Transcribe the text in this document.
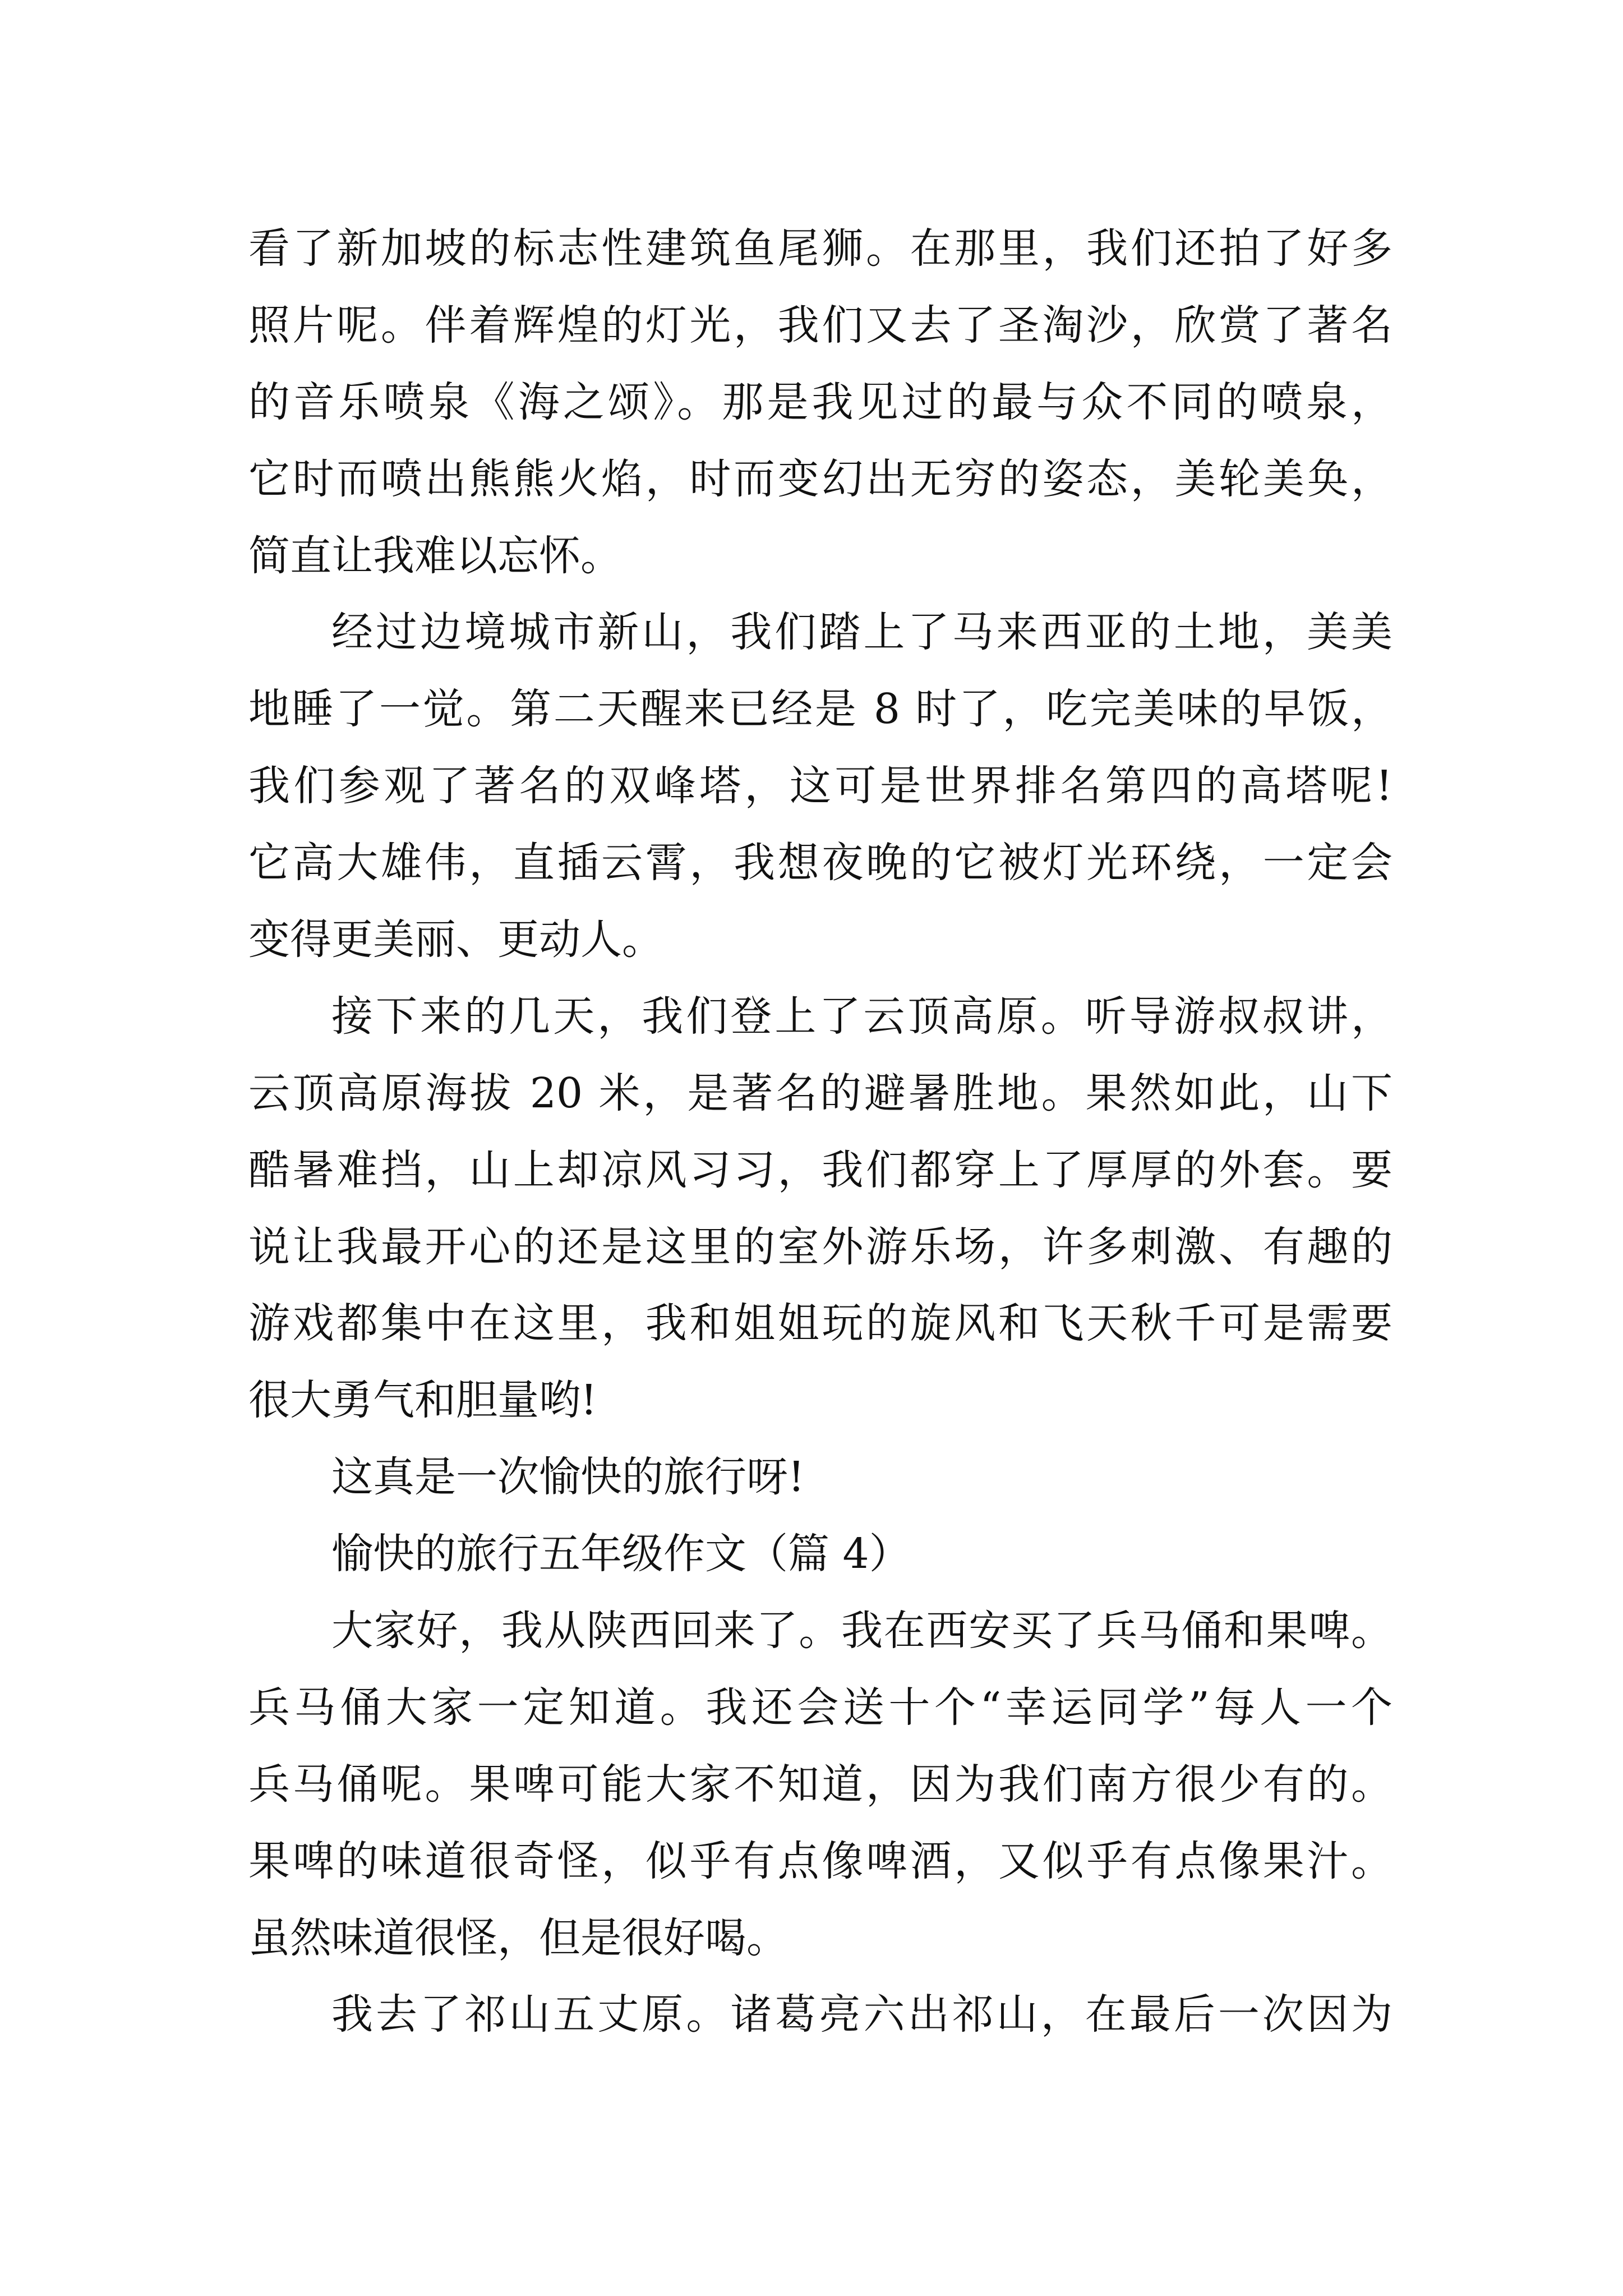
看了新加坡的标志性建筑鱼尾狮。在那里，我们还拍了好多
照片呢。伴着辉煌的灯光，我们又去了圣淘沙，欣赏了著名
的音乐喷泉《海之颂》。那是我见过的最与众不同的喷泉，
它时而喷出熊熊火焰，时而变幻出无穷的姿态，美轮美奂，
简直让我难以忘怀。
经过边境城市新山，我们踏上了马来西亚的土地，美美
地睡了一觉。第二天醒来已经是 8 时了，吃完美味的早饭，
我们参观了著名的双峰塔，这可是世界排名第四的高塔呢!
它高大雄伟，直插云霄，我想夜晚的它被灯光环绕，一定会
变得更美丽、更动人。
接下来的几天，我们登上了云顶高原。听导游叔叔讲，
云顶高原海拔 20 米，是著名的避暑胜地。果然如此，山下
酷暑难挡，山上却凉风习习，我们都穿上了厚厚的外套。要
说让我最开心的还是这里的室外游乐场，许多刺激、有趣的
游戏都集中在这里，我和姐姐玩的旋风和飞天秋千可是需要
很大勇气和胆量哟!
这真是一次愉快的旅行呀!
愉快的旅行五年级作文（篇 4）
大家好，我从陕西回来了。我在西安买了兵马俑和果啤。
兵马俑大家一定知道。我还会送十个“幸运同学”每人一个
兵马俑呢。果啤可能大家不知道，因为我们南方很少有的。
果啤的味道很奇怪，似乎有点像啤酒，又似乎有点像果汁。
虽然味道很怪，但是很好喝。
我去了祁山五丈原。诸葛亮六出祁山，在最后一次因为
